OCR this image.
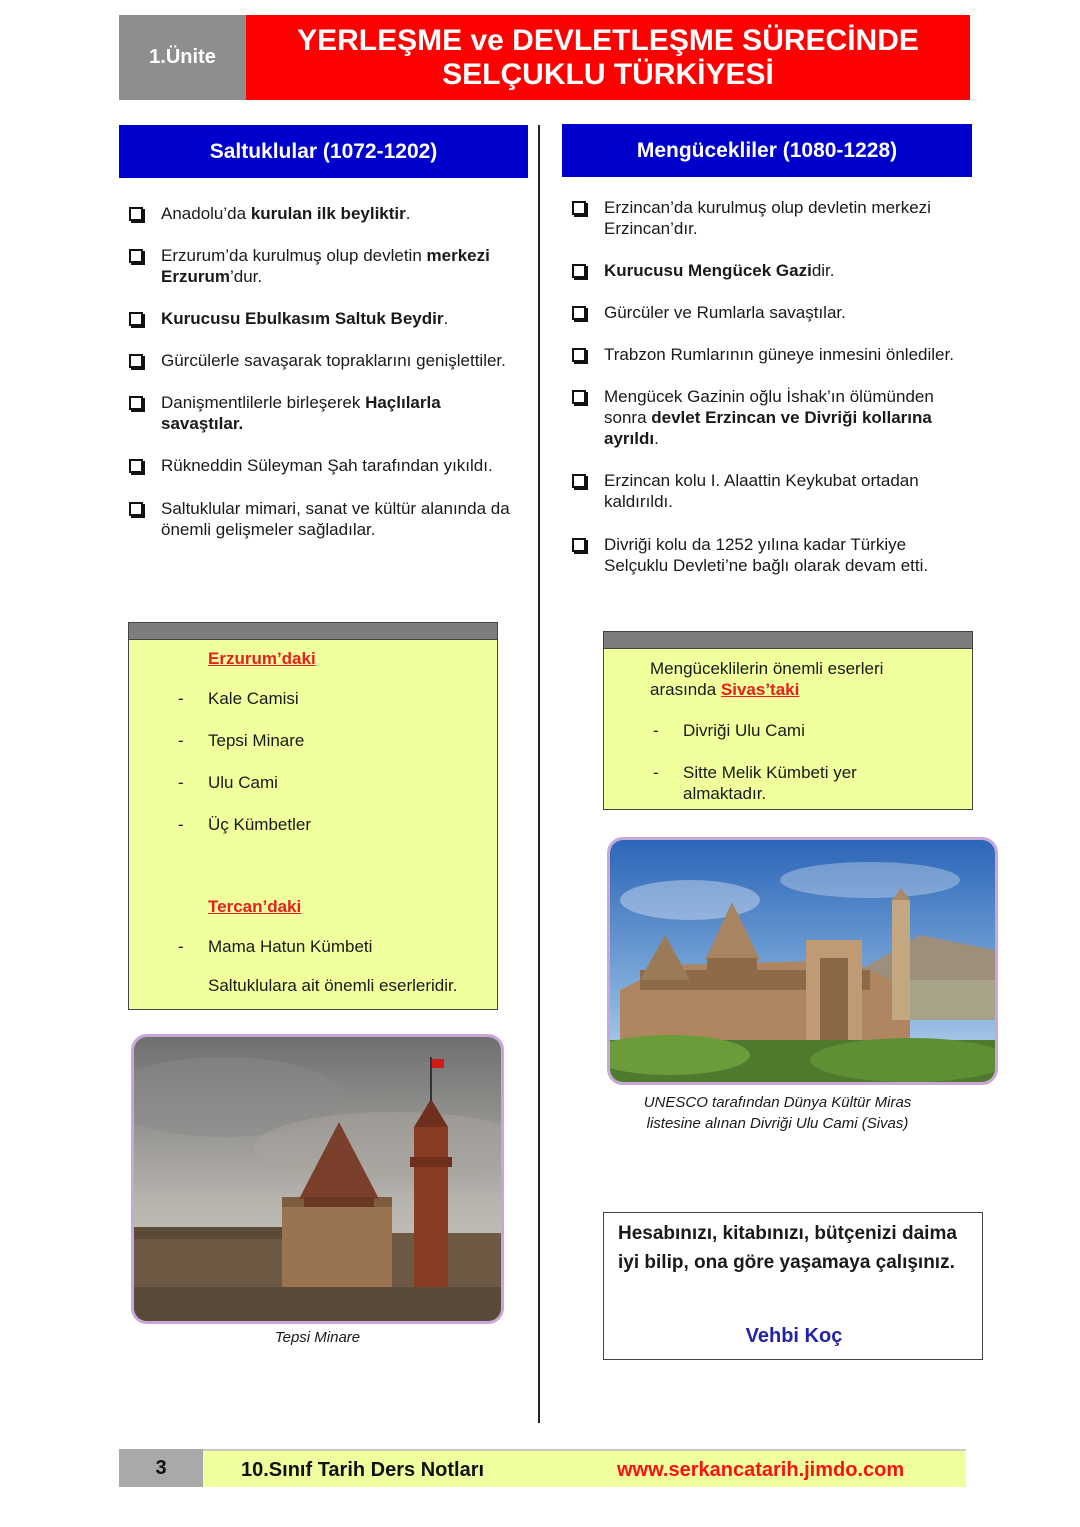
1.Ünite
YERLEŞME ve DEVLETLEŞME SÜRECİNDE
SELÇUKLU TÜRKİYESİ
Saltuklular (1072-1202)	Mengücekliler (1080-1228)
Anadolu’da kurulan ilk beyliktir.
Erzurum’da kurulmuş olup devletin merkezi Erzurum’dur.
Kurucusu Ebulkasım Saltuk Beydir.
Gürcülerle savaşarak topraklarını genişlettiler.
Danişmentlilerle birleşerek Haçlılarla savaştılar.
Rükneddin Süleyman Şah tarafından yıkıldı.
Saltuklular mimari, sanat ve kültür alanında da önemli gelişmeler sağladılar.
Erzincan’da kurulmuş olup devletin merkezi Erzincan’dır.
Kurucusu Mengücek Gazidir.
Gürcüler ve Rumlarla savaştılar.
Trabzon Rumlarının güneye inmesini önlediler.
Mengücek Gazinin oğlu İshak’ın ölümünden sonra devlet Erzincan ve Divriği kollarına ayrıldı.
Erzincan kolu I. Alaattin Keykubat ortadan kaldırıldı.
Divriği kolu da 1252 yılına kadar Türkiye Selçuklu Devleti’ne bağlı olarak devam etti.
Erzurum’daki
- Kale Camisi
- Tepsi Minare
- Ulu Cami
- Üç Kümbetler
Tercan’daki
- Mama Hatun Kümbeti
Saltuklulara ait önemli eserleridir.
Mengüceklilerin önemli eserleri arasında Sivas’taki
- Divriği Ulu Cami
- Sitte Melik Kümbeti yer almaktadır.
Tepsi Minare
UNESCO tarafından Dünya Kültür Miras
listesine alınan Divriği Ulu Cami (Sivas)
Hesabınızı, kitabınızı, bütçenizi daima iyi bilip, ona göre yaşamaya çalışınız.
Vehbi Koç
3	10.Sınıf Tarih Ders Notları	www.serkancatarih.jimdo.com
